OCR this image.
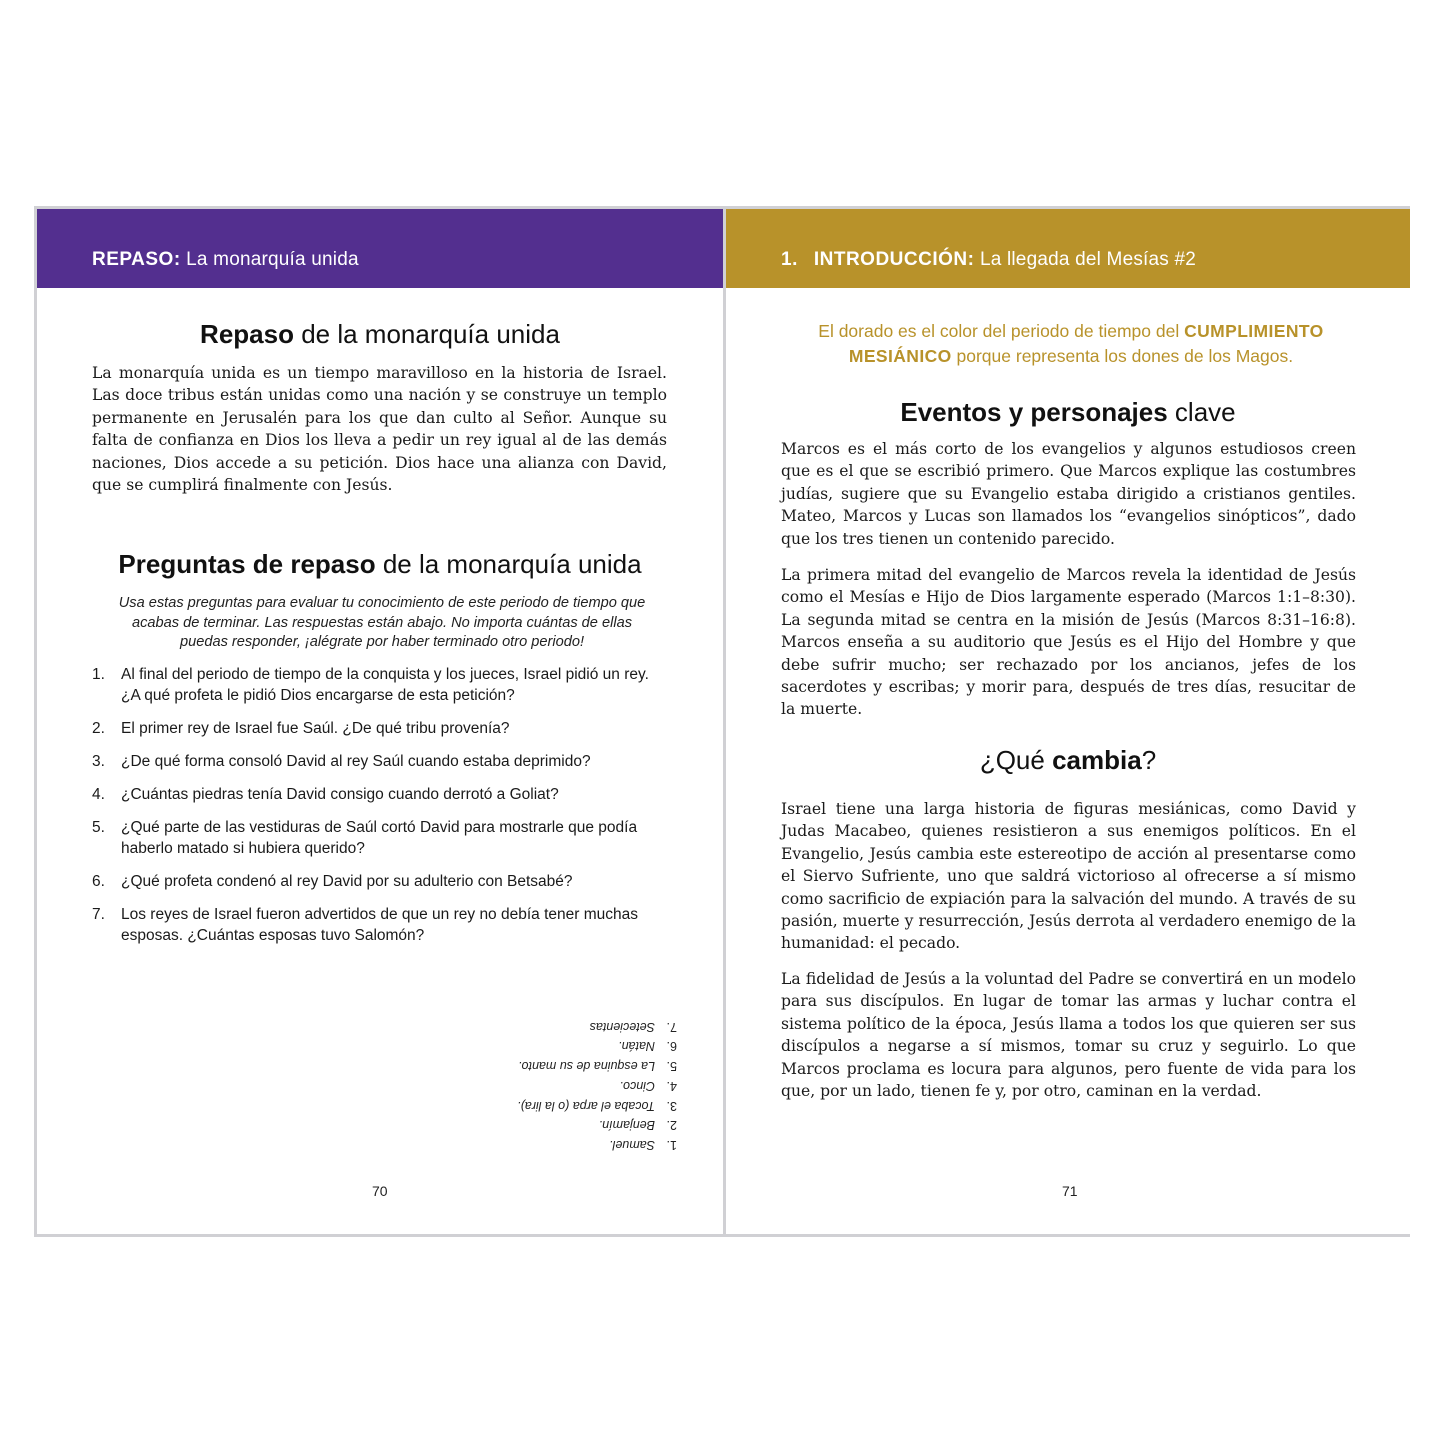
REPASO: La monarquía unida
Repaso de la monarquía unida

La monarquía unida es un tiempo maravilloso en la historia de Israel. Las doce tribus están unidas como una nación y se construye un templo permanente en Jerusalén para los que dan culto al Señor. Aunque su falta de confianza en Dios los lleva a pedir un rey igual al de las demás naciones, Dios accede a su petición. Dios hace una alianza con David, que se cumplirá finalmente con Jesús.

Preguntas de repaso de la monarquía unida
Usa estas preguntas para evaluar tu conocimiento de este periodo de tiempo que acabas de terminar. Las respuestas están abajo. No importa cuántas de ellas puedas responder, ¡alégrate por haber terminado otro periodo!
1.	Al final del periodo de tiempo de la conquista y los jueces, Israel pidió un rey. ¿A qué profeta le pidió Dios encargarse de esta petición?
2.	El primer rey de Israel fue Saúl. ¿De qué tribu provenía?
3.	¿De qué forma consoló David al rey Saúl cuando estaba deprimido?
4.	¿Cuántas piedras tenía David consigo cuando derrotó a Goliat?
5.	¿Qué parte de las vestiduras de Saúl cortó David para mostrarle que podía haberlo matado si hubiera querido?
6.	¿Qué profeta condenó al rey David por su adulterio con Betsabé?
7.	Los reyes de Israel fueron advertidos de que un rey no debía tener muchas esposas. ¿Cuántas esposas tuvo Salomón?
1.Samuel.
2.Benjamín.
3.Tocaba el arpa (o la lira).
4.Cinco.
5.La esquina de su manto.
6.Natán.
7.Setecientas
70
1. INTRODUCCIÓN: La llegada del Mesías #2
El dorado es el color del periodo de tiempo del CUMPLIMIENTO MESIÁNICO porque representa los dones de los Magos.
Eventos y personajes clave

Marcos es el más corto de los evangelios y algunos estudiosos creen que es el que se escribió primero. Que Marcos explique las costumbres judías, sugiere que su Evangelio estaba dirigido a cristianos gentiles. Mateo, Marcos y Lucas son llamados los “evangelios sinópticos”, dado que los tres tienen un contenido parecido.

La primera mitad del evangelio de Marcos revela la identidad de Jesús como el Mesías e Hijo de Dios largamente esperado (Marcos 1:1–8:30). La segunda mitad se centra en la misión de Jesús (Marcos 8:31–16:8). Marcos enseña a su auditorio que Jesús es el Hijo del Hombre y que debe sufrir mucho; ser rechazado por los ancianos, jefes de los sacerdotes y escribas; y morir para, después de tres días, resucitar de la muerte.

¿Qué cambia?

Israel tiene una larga historia de figuras mesiánicas, como David y Judas Macabeo, quienes resistieron a sus enemigos políticos. En el Evangelio, Jesús cambia este estereotipo de acción al presentarse como el Siervo Sufriente, uno que saldrá victorioso al ofrecerse a sí mismo como sacrificio de expiación para la salvación del mundo. A través de su pasión, muerte y resurrección, Jesús derrota al verdadero enemigo de la humanidad: el pecado.

La fidelidad de Jesús a la voluntad del Padre se convertirá en un modelo para sus discípulos. En lugar de tomar las armas y luchar contra el sistema político de la época, Jesús llama a todos los que quieren ser sus discípulos a negarse a sí mismos, tomar su cruz y seguirlo. Lo que Marcos proclama es locura para algunos, pero fuente de vida para los que, por un lado, tienen fe y, por otro, caminan en la verdad.

71
